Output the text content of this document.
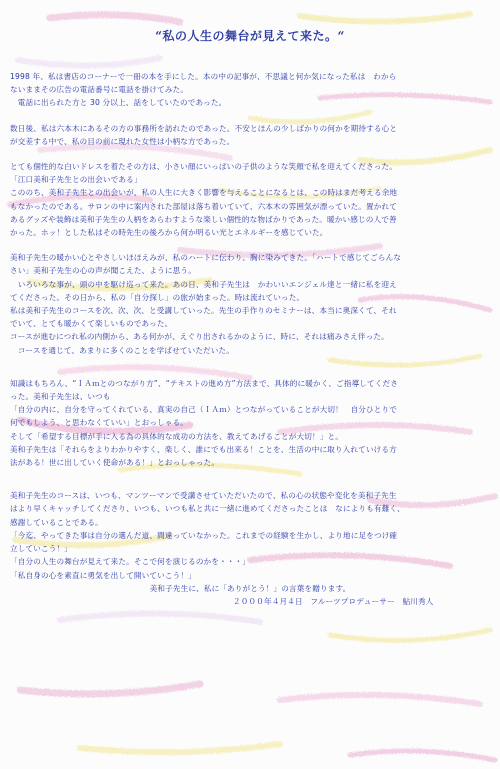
“私の人生の舞台が見えて来た。“

1998 年、私は書店のコーナーで一冊の本を手にした。本の中の記事が、不思議と何か気になった私は　わから

ないままその広告の電話番号に電話を掛けてみた。

　電話に出られた方と 30 分以上、話をしていたのであった。

数日後、私は六本木にあるその方の事務所を訪れたのであった。不安とほんの少しばかりの何かを期待する心と

が交差する中で、私の目の前に現れた女性は小柄な方であった。

とても個性的な白いドレスを着たその方は、小さい顔にいっぱいの子供のような笑顔で私を迎えてくださった。

「江口美和子先生との出会いである」

こののち、美和子先生との出会いが、私の人生に大きく影響を与えることになるとは、この時はまだ考える余地

もなかったのである。サロンの中に案内された部屋は落ち着いていて、六本木の雰囲気が漂っていた。置かれて

あるグッズや装飾は美和子先生の人柄をあらわすような楽しい個性的な物ばかりであった。暖かい感じの人で善

かった。ホッ！とした私はその時先生の後ろから何か明るい光とエネルギーを感じていた。

美和子先生の暖かい心とやさしいほほえみが、私のハートに伝わり、胸に染みてきた。「ハートで感じてごらんな

さい」美和子先生の心の声が聞こえた、ように思う。

　いろいろな事が、頭の中を駆け巡って来た。あの日、美和子先生は　かわいいエンジェル達と一緒に私を迎え

てくださった。その日から、私の「自分探し」の旅が始まった。時は流れていった。

私は美和子先生のコースを次、次、次、と受講していった。先生の手作りのセミナーは、本当に奥深くて、それ

でいて、とても暖かくて楽しいものであった。

コースが進むにつれ私の内側から、ある何かが、えぐり出されるかのように、時に、それは痛みさえ伴った。

　コースを通じて、あまりに多くのことを学ばせていただいた。

知識はもちろん、“ＩＡｍとのつながり方”、“テキストの進め方”方法まで、具体的に暖かく、ご指導してくださ

った。美和子先生は、いつも

「自分の内に、自分を守ってくれている、真実の自己（ＩＡｍ）とつながっていることが大切！　自分ひとりで

何でもしよう、と思わなくていい」とおっしゃる。

そして「希望する目標が手に入る為の具体的な成功の方法を、教えてあげることが大切！」と。

美和子先生は「それらをよりわかりやすく、楽しく、誰にでも出来る！ことを、生活の中に取り入れていける方

法がある！世に出していく使命がある！」とおっしゃった。

美和子先生のコースは、いつも、マンツーマンで受講させていただいたので、私の心の状態や変化を美和子先生

はより早くキャッチしてくださり、いつも、いつも私と共に一緒に進めてくださったことは　なによりも有難く、

感謝していることである。

「今迄、やってきた事は自分の選んだ道、間違っていなかった。これまでの経験を生かし、より地に足をつけ確

立していこう！」

「自分の人生の舞台が見えて来た。そこで何を演じるのかを・・・」

「私自身の心を素直に勇気を出して開いていこう！」

美和子先生に、私に「ありがとう！」の言葉を贈ります。

２０００年４月４日　フルーツプロデューサー　鮎川秀人
